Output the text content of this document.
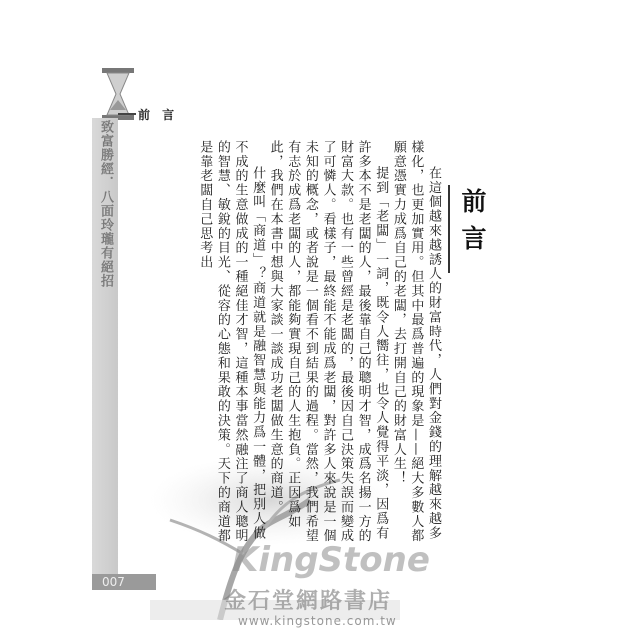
前 言
致富勝經．八面玲瓏有絕招	在這個越來越誘人的財富時代，人們對金錢的理解越來越多樣化，也更加實用。但其中最爲普遍的現象是——絕大多數人都願意憑實力成爲自己的老闆，去打開自己的財富人生！

提到「老闆」一詞，既令人嚮往，也令人覺得平淡，因爲有許多本不是老闆的人，最後靠自己的聰明才智，成爲名揚一方的財富大款。也有一些曾經是老闆的，最後因自己決策失誤而變成了可憐人。看樣子，最終能不能成爲老闆，對許多人來說是一個未知的概念，或者說是一個看不到結果的過程。當然，我們希望有志於成爲老闆的人，都能夠實現自己的人生抱負。正因爲如此，我們在本書中想與大家談一談成功老闆做生意的商道。

什麼叫「商道」？商道就是融智慧與能力爲一體，把別人做不成的生意做成的一種絕佳才智，這種本事當然融注了商人聰明的智慧、敏銳的目光、從容的心態和果敢的決策。天下的商道都是靠老闆自己思考出	前言
007
KingStone
金石堂網路書店
www.kingstone.com.tw
